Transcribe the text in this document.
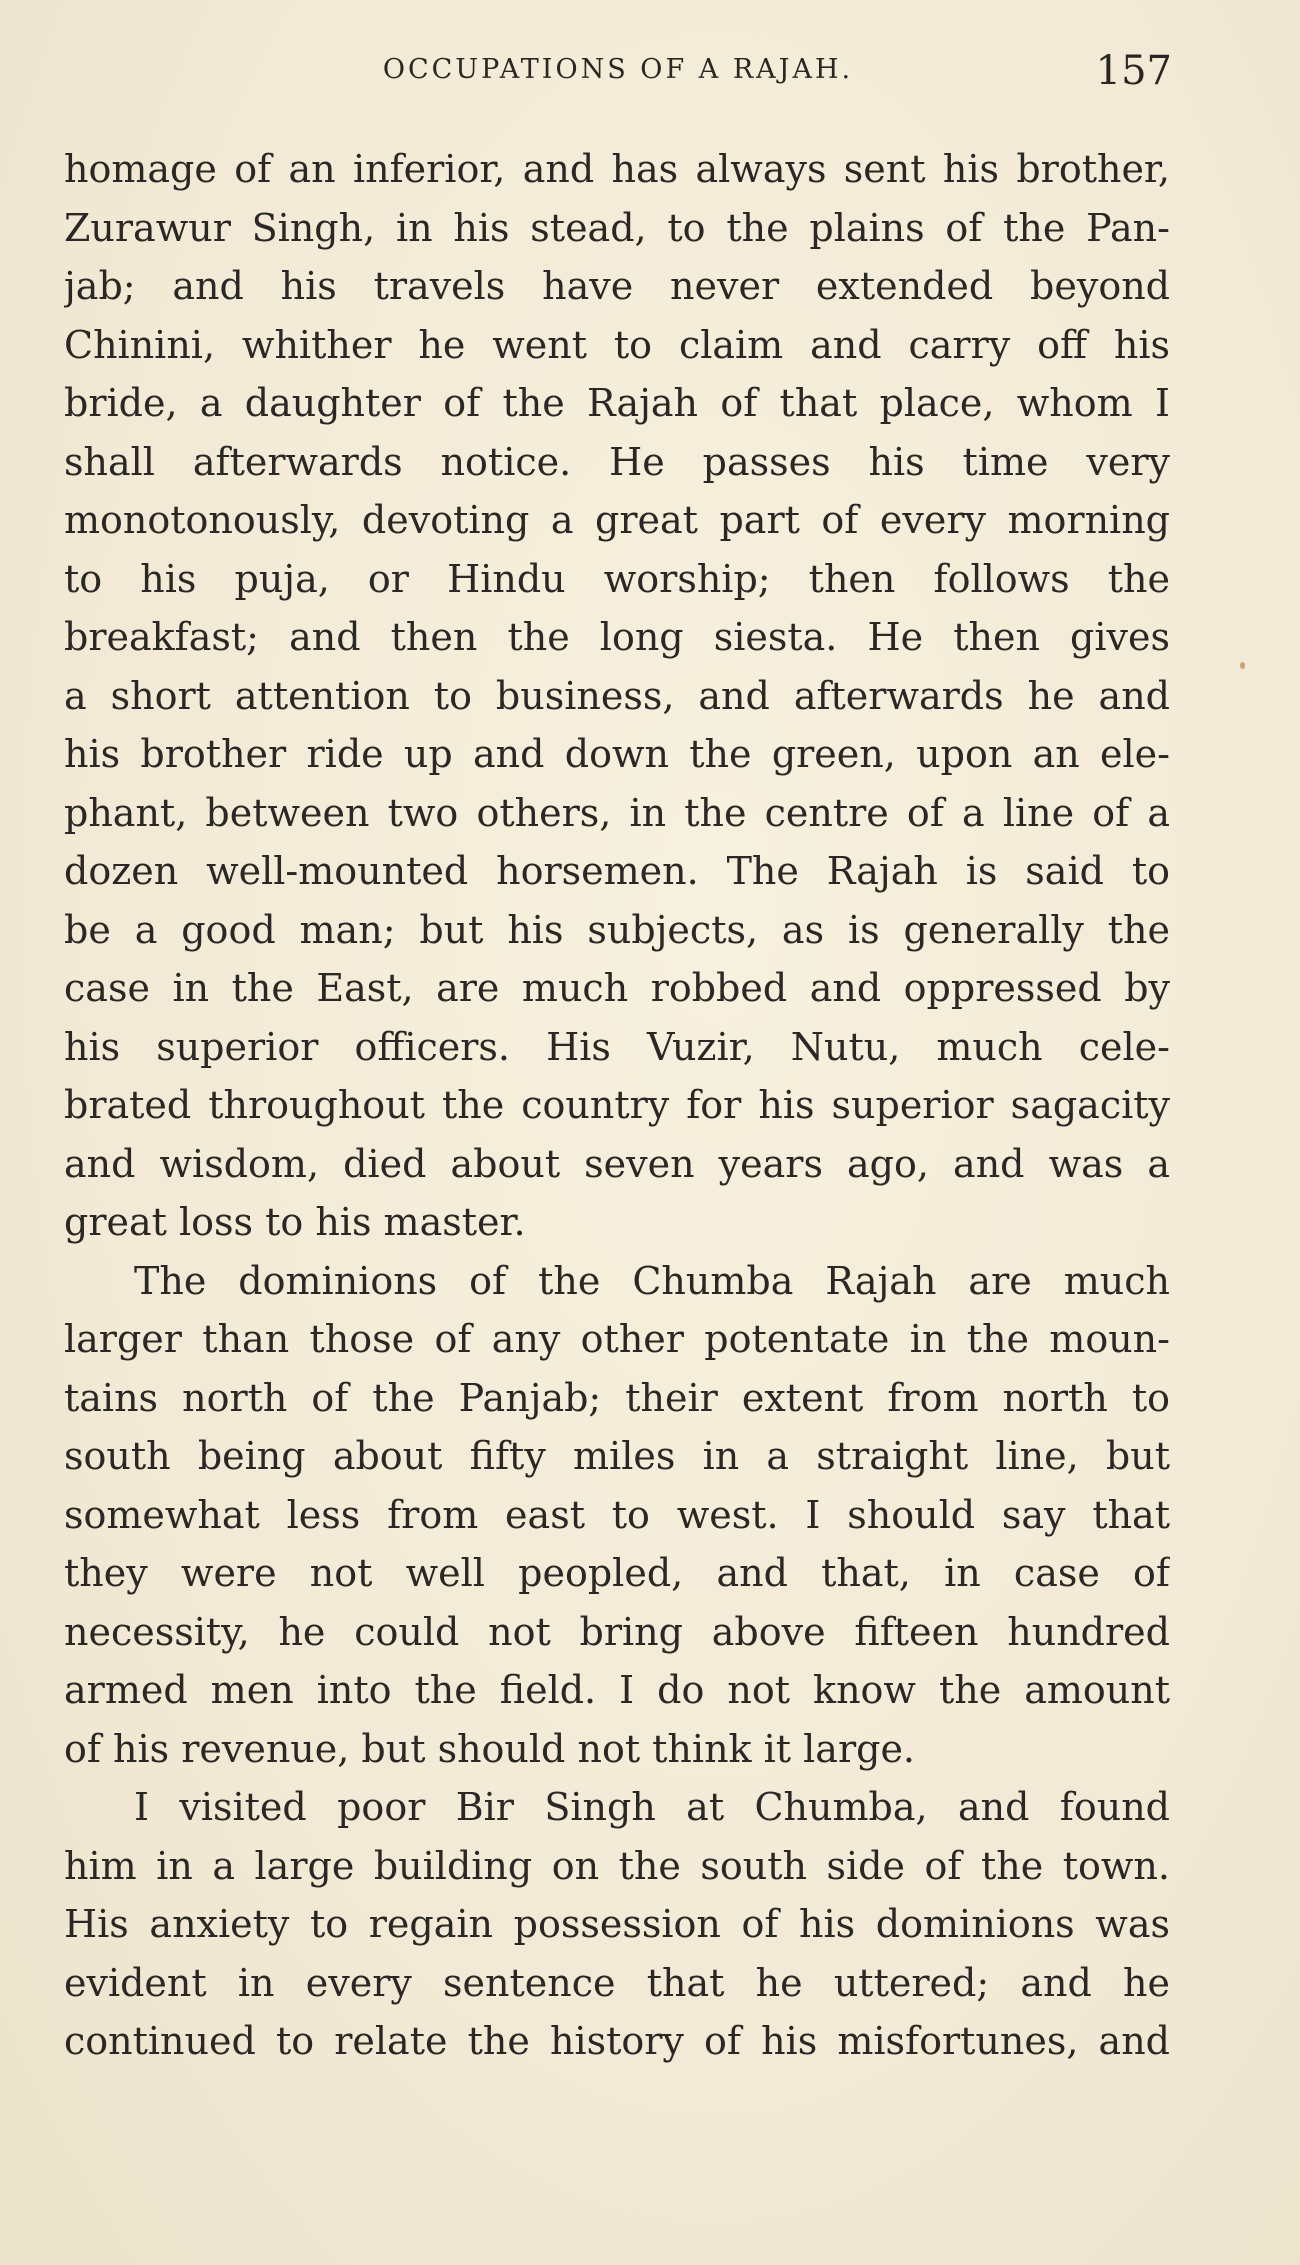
OCCUPATIONS OF A RAJAH.	157
homage of an inferior, and has always sent his brother,
Zurawur Singh, in his stead, to the plains of the Pan-
jab; and his travels have never extended beyond
Chinini, whither he went to claim and carry off his
bride, a daughter of the Rajah of that place, whom I
shall afterwards notice. He passes his time very
monotonously, devoting a great part of every morning
to his puja, or Hindu worship; then follows the
breakfast; and then the long siesta. He then gives
a short attention to business, and afterwards he and
his brother ride up and down the green, upon an ele-
phant, between two others, in the centre of a line of a
dozen well-mounted horsemen. The Rajah is said to
be a good man; but his subjects, as is generally the
case in the East, are much robbed and oppressed by
his superior officers. His Vuzir, Nutu, much cele-
brated throughout the country for his superior sagacity
and wisdom, died about seven years ago, and was a
great loss to his master.
The dominions of the Chumba Rajah are much
larger than those of any other potentate in the moun-
tains north of the Panjab; their extent from north to
south being about fifty miles in a straight line, but
somewhat less from east to west. I should say that
they were not well peopled, and that, in case of
necessity, he could not bring above fifteen hundred
armed men into the field. I do not know the amount
of his revenue, but should not think it large.
I visited poor Bir Singh at Chumba, and found
him in a large building on the south side of the town.
His anxiety to regain possession of his dominions was
evident in every sentence that he uttered; and he
continued to relate the history of his misfortunes, and
